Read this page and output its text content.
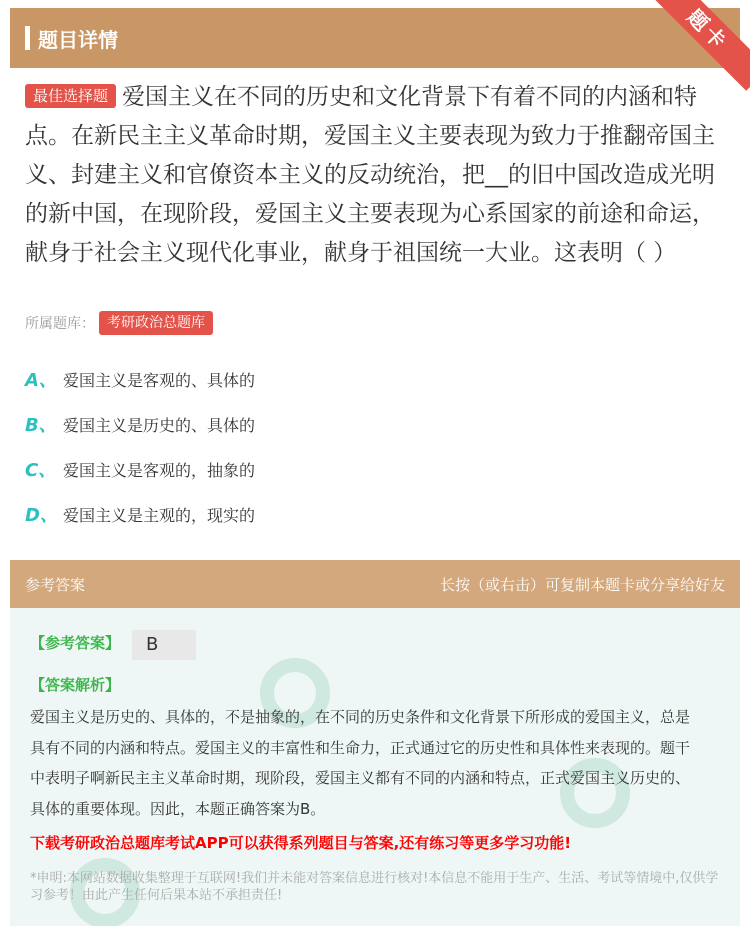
题目详情	题卡
最佳选择题 爱国主义在不同的历史和文化背景下有着不同的内涵和特点。在新民主主义革命时期，爱国主义主要表现为致力于推翻帝国主义、封建主义和官僚资本主义的反动统治，把__的旧中国改造成光明的新中国，在现阶段，爱国主义主要表现为心系国家的前途和命运，献身于社会主义现代化事业，献身于祖国统一大业。这表明（ ）
所属题库： 考研政治总题库
A、 爱国主义是客观的、具体的
B、 爱国主义是历史的、具体的
C、 爱国主义是客观的，抽象的
D、 爱国主义是主观的，现实的
参考答案	长按（或右击）可复制本题卡或分享给好友
【参考答案】	B
【答案解析】
爱国主义是历史的、具体的，不是抽象的，在不同的历史条件和文化背景下所形成的爱国主义，总是具有不同的内涵和特点。爱国主义的丰富性和生命力，正式通过它的历史性和具体性来表现的。题干中表明子啊新民主主义革命时期，现阶段，爱国主义都有不同的内涵和特点，正式爱国主义历史的、具体的重要体现。因此，本题正确答案为B。
下载考研政治总题库考试APP可以获得系列题目与答案,还有练习等更多学习功能!
*申明:本网站数据收集整理于互联网!我们并未能对答案信息进行核对!本信息不能用于生产、生活、考试等情境中,仅供学习参考！由此产生任何后果本站不承担责任!
